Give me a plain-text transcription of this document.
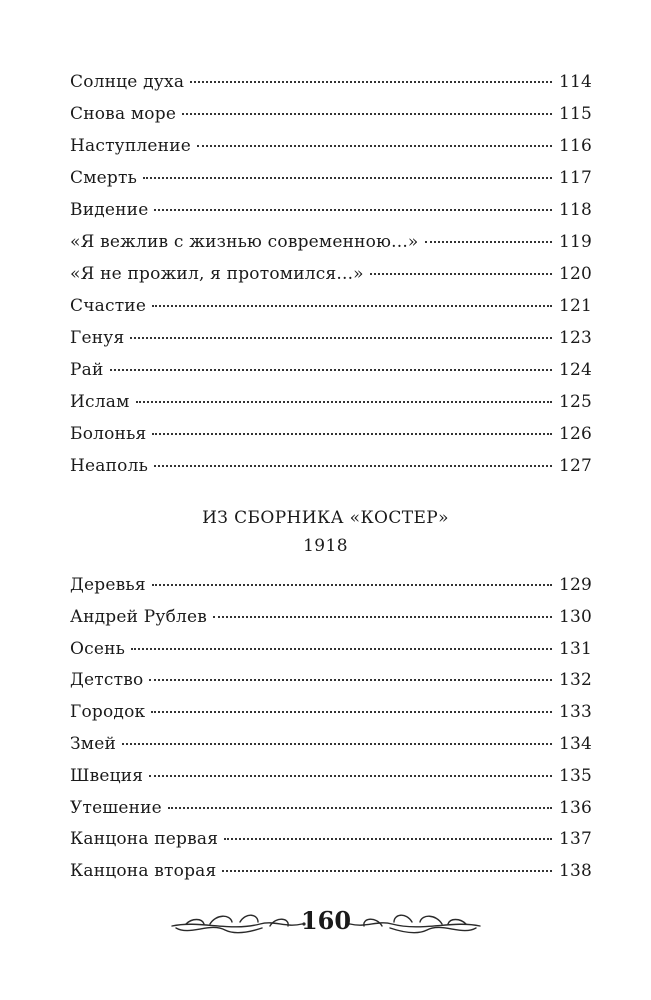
Солнце духа	114
Снова море	115
Наступление	116
Смерть	117
Видение	118
«Я вежлив с жизнью современною...»	119
«Я не прожил, я протомился...»	120
Счастие	121
Генуя	123
Рай	124
Ислам	125
Болонья	126
Неаполь	127
ИЗ СБОРНИКА «КОСТЕР»
1918
Деревья	129
Андрей Рублев	130
Осень	131
Детство	132
Городок	133
Змей	134
Швеция	135
Утешение	136
Канцона первая	137
Канцона вторая	138
160
